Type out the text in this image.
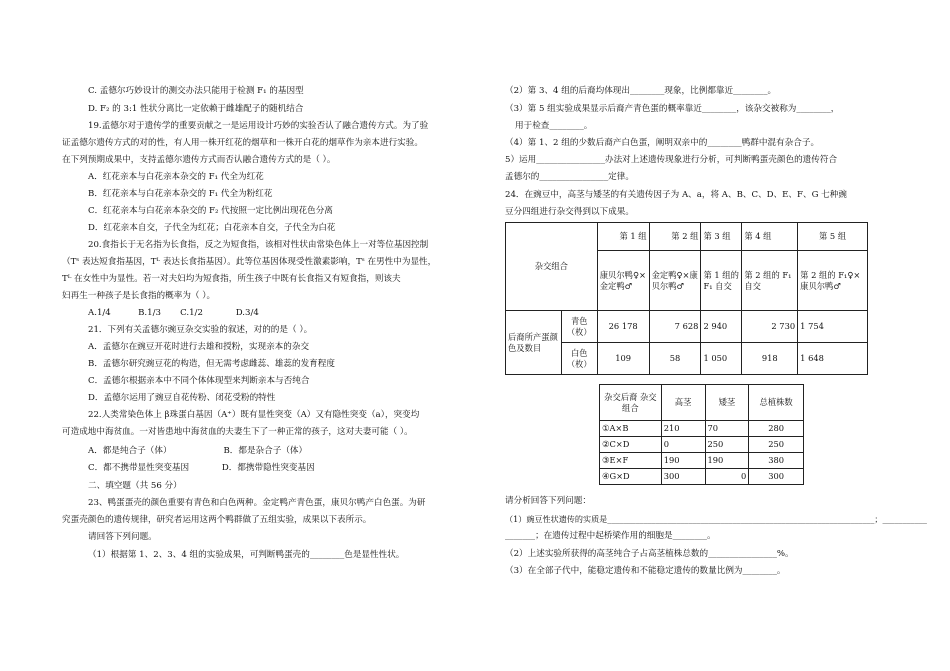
C. 孟德尔巧妙设计的测交办法只能用于检测 F₁ 的基因型
D. F₂ 的 3:1 性状分离比一定依赖于雌雄配子的随机结合
19.孟德尔对于遗传学的重要贡献之一是运用设计巧妙的实验否认了融合遗传方式。为了验
证孟德尔遗传方式的对的性，有人用一株开红花的烟草和一株开白花的烟草作为亲本进行实验。
在下列预期成果中，支持孟德尔遗传方式而否认融合遗传方式的是（ ）。
A．红花亲本与白花亲本杂交的 F₁ 代全为红花
B．红花亲本与白花亲本杂交的 F₁ 代全为粉红花
C．红花亲本与白花亲本杂交的 F₂ 代按照一定比例出现花色分离
D．红花亲本自交，子代全为红花；白花亲本自交，子代全为白花
20.食指长于无名指为长食指，反之为短食指，该相对性状由常染色体上一对等位基因控制
（Tˢ 表达短食指基因，Tᴸ 表达长食指基因）。此等位基因体现受性激素影响，Tˢ 在男性中为显性，
Tᴸ 在女性中为显性。若一对夫妇均为短食指，所生孩子中既有长食指又有短食指，则该夫
妇再生一种孩子是长食指的概率为（ ）。
A.1/4          B.1/3       C.1/2            D.3/4
21．下列有关孟德尔豌豆杂交实验的叙述，对的的是（ ）。
A．孟德尔在豌豆开花时进行去雄和授粉，实现亲本的杂交
B．孟德尔研究豌豆花的构造，但无需考虑雌蕊、雄蕊的发育程度
C．孟德尔根据亲本中不同个体体现型来判断亲本与否纯合
D．孟德尔运用了豌豆自花传粉、闭花受粉的特性
22.人类常染色体上 β珠蛋白基因（A⁺）既有显性突变（A）又有隐性突变（a），突变均
可造成地中海贫血。一对皆患地中海贫血的夫妻生下了一种正常的孩子，这对夫妻可能（ ）。
A．都是纯合子（体）                   B．都是杂合子（体）
C．都不携带显性突变基因            D．都携带隐性突变基因
二、填空题（共 56 分）
23、鸭蛋蛋壳的颜色重要有青色和白色两种。金定鸭产青色蛋，康贝尔鸭产白色蛋。为研
究蛋壳颜色的遗传规律，研究者运用这两个鸭群做了五组实验，成果以下表所示。
请回答下列问题。
（1）根据第 1、2、3、4 组的实验成果，可判断鸭蛋壳的________色是显性性状。
（2）第 3、4 组的后裔均体现出________现象，比例都靠近________。
（3）第 5 组实验成果显示后裔产青色蛋的概率靠近________，该杂交被称为________，
用于检查________。
（4）第 1、2 组的少数后裔产白色蛋，阐明双亲中的________鸭群中混有杂合子。
5）运用________________办法对上述遗传现象进行分析，可判断鸭蛋壳颜色的遗传符合
孟德尔的________________定律。
24．在豌豆中，高茎与矮茎的有关遗传因子为 A、a，将 A、B、C、D、E、F、G 七种豌
豆分四组进行杂交得到以下成果。
杂交组合		第 1 组	第 2 组	第 3 组	第 4 组	第 5 组
		康贝尔鸭♀×金定鸭♂	金定鸭♀×康贝尔鸭♂	第 1 组的 F₁ 自交	第 2 组的 F₁ 自交	第 2 组的 F₁♀×康贝尔鸭♂
后裔所产蛋颜色及数目	青色（枚）	26 178	7 628	2 940	2 730	1 754
	白色（枚）	109	58	1 050	918	1 648
杂交后裔 杂交组合	高茎	矮茎	总植株数
①A×B	210	70	280
②C×D	0	250	250
③E×F	190	190	380
④G×D	300	0	300
请分析回答下列问题：
（1）豌豆性状遗传的实质是__________________________________________________________________；___________
_______；在遗传过程中起桥梁作用的细胞是________。
（2）上述实验所获得的高茎纯合子占高茎植株总数的________________%。
（3）在全部子代中，能稳定遗传和不能稳定遗传的数量比例为________。
